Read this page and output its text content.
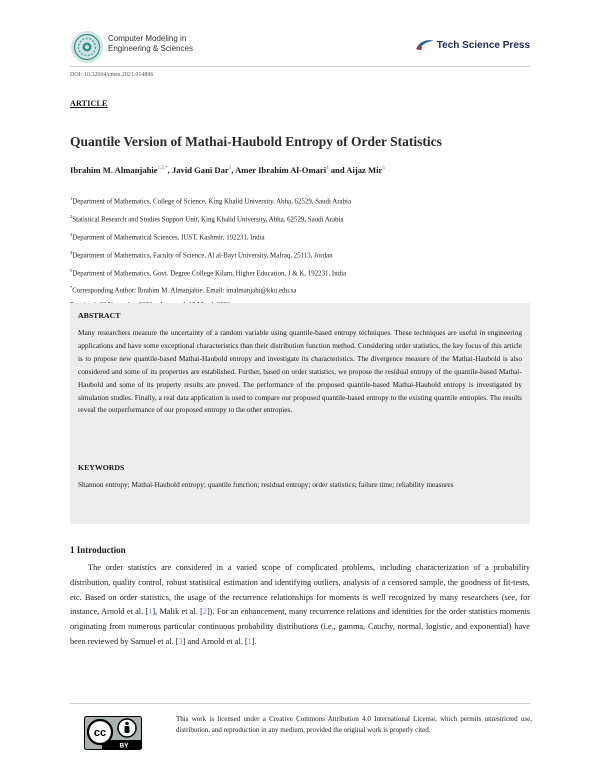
Computer Modeling in
Engineering & Sciences	Tech Science Press
DOI: 10.32604/cmes.2021.014896
ARTICLE
Quantile Version of Mathai-Haubold Entropy of Order Statistics
Ibrahim M. Almanjahie$^{1,2,*}$, Javid Gani Dar$^3$, Amer Ibrahim Al-Omari$^4$ and Aijaz Mir$^5$
$^1$Department of Mathematics, College of Science, King Khalid University, Abha, 62529, Saudi Arabia
$^2$Statistical Research and Studies Support Unit, King Khalid University, Abha, 62529, Saudi Arabia
$^3$Department of Mathematical Sciences, IUST, Kashmir, 192231, India
$^4$Department of Mathematics, Faculty of Science, Al al-Bayt University, Mafraq, 25113, Jordan
$^5$Department of Mathematics, Govt. Degree College Kilam, Higher Education, J & K, 192231, India
*Corresponding Author: Ibrahim M. Almanjahie. Email: imalmanjahi@kku.edu.sa
ABSTRACT
Many researchers measure the uncertainty of a random variable using quantile-based entropy techniques. These techniques are useful in engineering applications and have some exceptional characteristics than their distribution function method. Considering order statistics, the key focus of this article is to propose new quantile-based Mathai-Haubold entropy and investigate its characteristics. The divergence measure of the Mathai-Haubold is also considered and some of its properties are established. Further, based on order statistics, we propose the residual entropy of the quantile-based Mathai-Haubold and some of its property results are proved. The performance of the proposed quantile-based Mathai-Haubold entropy is investigated by simulation studies. Finally, a real data application is used to compare our proposed quantile-based entropy to the existing quantile entropies. The results reveal the outperformance of our proposed entropy to the other entropies.
KEYWORDS
Shannon entropy; Mathai-Haubold entropy; quantile function; residual entropy; order statistics; failure time; reliability measures
1 Introduction
The order statistics are considered in a varied scope of complicated problems, including characterization of a probability distribution, quality control, robust statistical estimation and identifying outliers, analysis of a censored sample, the goodness of fit-tests, etc. Based on order statistics, the usage of the recurrence relationships for moments is well recognized by many researchers (see, for instance, Arnold et al. [1], Malik et al. [2]). For an enhancement, many recurrence relations and identities for the order statistics moments originating from numerous particular continuous probability distributions (i.e., gamma, Cauchy, normal, logistic, and exponential) have been reviewed by Samuel et al. [3] and Arnold et al. [1].
cc
BY
This work is licensed under a Creative Commons Attribution 4.0 International License, which permits unrestricted use, distribution, and reproduction in any medium, provided the original work is properly cited.
